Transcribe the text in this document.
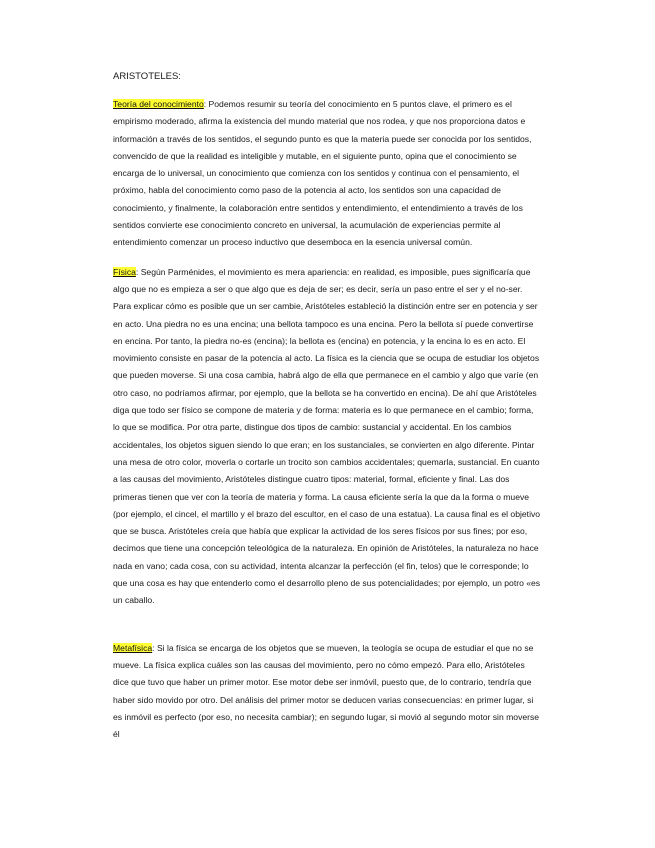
ARISTOTELES:

Teoría del conocimiento: Podemos resumir su teoría del conocimiento en 5 puntos clave, el primero es el empirismo moderado, afirma la existencia del mundo material que nos rodea, y que nos proporciona datos e información a través de los sentidos, el segundo punto es que la materia puede ser conocida por los sentidos, convencido de que la realidad es inteligible y mutable, en el siguiente punto, opina que el conocimiento se encarga de lo universal, un conocimiento que comienza con los sentidos y continua con el pensamiento, el próximo, habla del conocimiento como paso de la potencia al acto, los sentidos son una capacidad de conocimiento, y finalmente, la colaboración entre sentidos y entendimiento, el entendimiento a través de los sentidos convierte ese conocimiento concreto en universal, la acumulación de experiencias permite al entendimiento comenzar un proceso inductivo que desemboca en la esencia universal común.

Física: Según Parménides, el movimiento es mera apariencia: en realidad, es imposible, pues significaría que algo que no es empieza a ser o que algo que es deja de ser; es decir, sería un paso entre el ser y el no-ser. Para explicar cómo es posible que un ser cambie, Aristóteles estableció la distinción entre ser en potencia y ser en acto. Una piedra no es una encina; una bellota tampoco es una encina. Pero la bellota sí puede convertirse en encina. Por tanto, la piedra no-es (encina); la bellota es (encina) en potencia, y la encina lo es en acto. El movimiento consiste en pasar de la potencia al acto. La física es la ciencia que se ocupa de estudiar los objetos que pueden moverse. Si una cosa cambia, habrá algo de ella que permanece en el cambio y algo que varíe (en otro caso, no podríamos afirmar, por ejemplo, que la bellota se ha convertido en encina). De ahí que Aristóteles diga que todo ser físico se compone de materia y de forma: materia es lo que permanece en el cambio; forma, lo que se modifica. Por otra parte, distingue dos tipos de cambio: sustancial y accidental. En los cambios accidentales, los objetos siguen siendo lo que eran; en los sustanciales, se convierten en algo diferente. Pintar una mesa de otro color, moverla o cortarle un trocito son cambios accidentales; quemarla, sustancial. En cuanto a las causas del movimiento, Aristóteles distingue cuatro tipos: material, formal, eficiente y final. Las dos primeras tienen que ver con la teoría de materia y forma. La causa eficiente sería la que da la forma o mueve (por ejemplo, el cincel, el martillo y el brazo del escultor, en el caso de una estatua). La causa final es el objetivo que se busca. Aristóteles creía que había que explicar la actividad de los seres físicos por sus fines; por eso, decimos que tiene una concepción teleológica de la naturaleza. En opinión de Aristóteles, la naturaleza no hace nada en vano; cada cosa, con su actividad, intenta alcanzar la perfección (el fin, telos) que le corresponde; lo que una cosa es hay que entenderlo como el desarrollo pleno de sus potencialidades; por ejemplo, un potro «es un caballo.

Metafísica: Si la física se encarga de los objetos que se mueven, la teología se ocupa de estudiar el que no se mueve. La física explica cuáles son las causas del movimiento, pero no cómo empezó. Para ello, Aristóteles dice que tuvo que haber un primer motor. Ese motor debe ser inmóvil, puesto que, de lo contrario, tendría que haber sido movido por otro. Del análisis del primer motor se deducen varias consecuencias: en primer lugar, si es inmóvil es perfecto (por eso, no necesita cambiar); en segundo lugar, si movió al segundo motor sin moverse él
